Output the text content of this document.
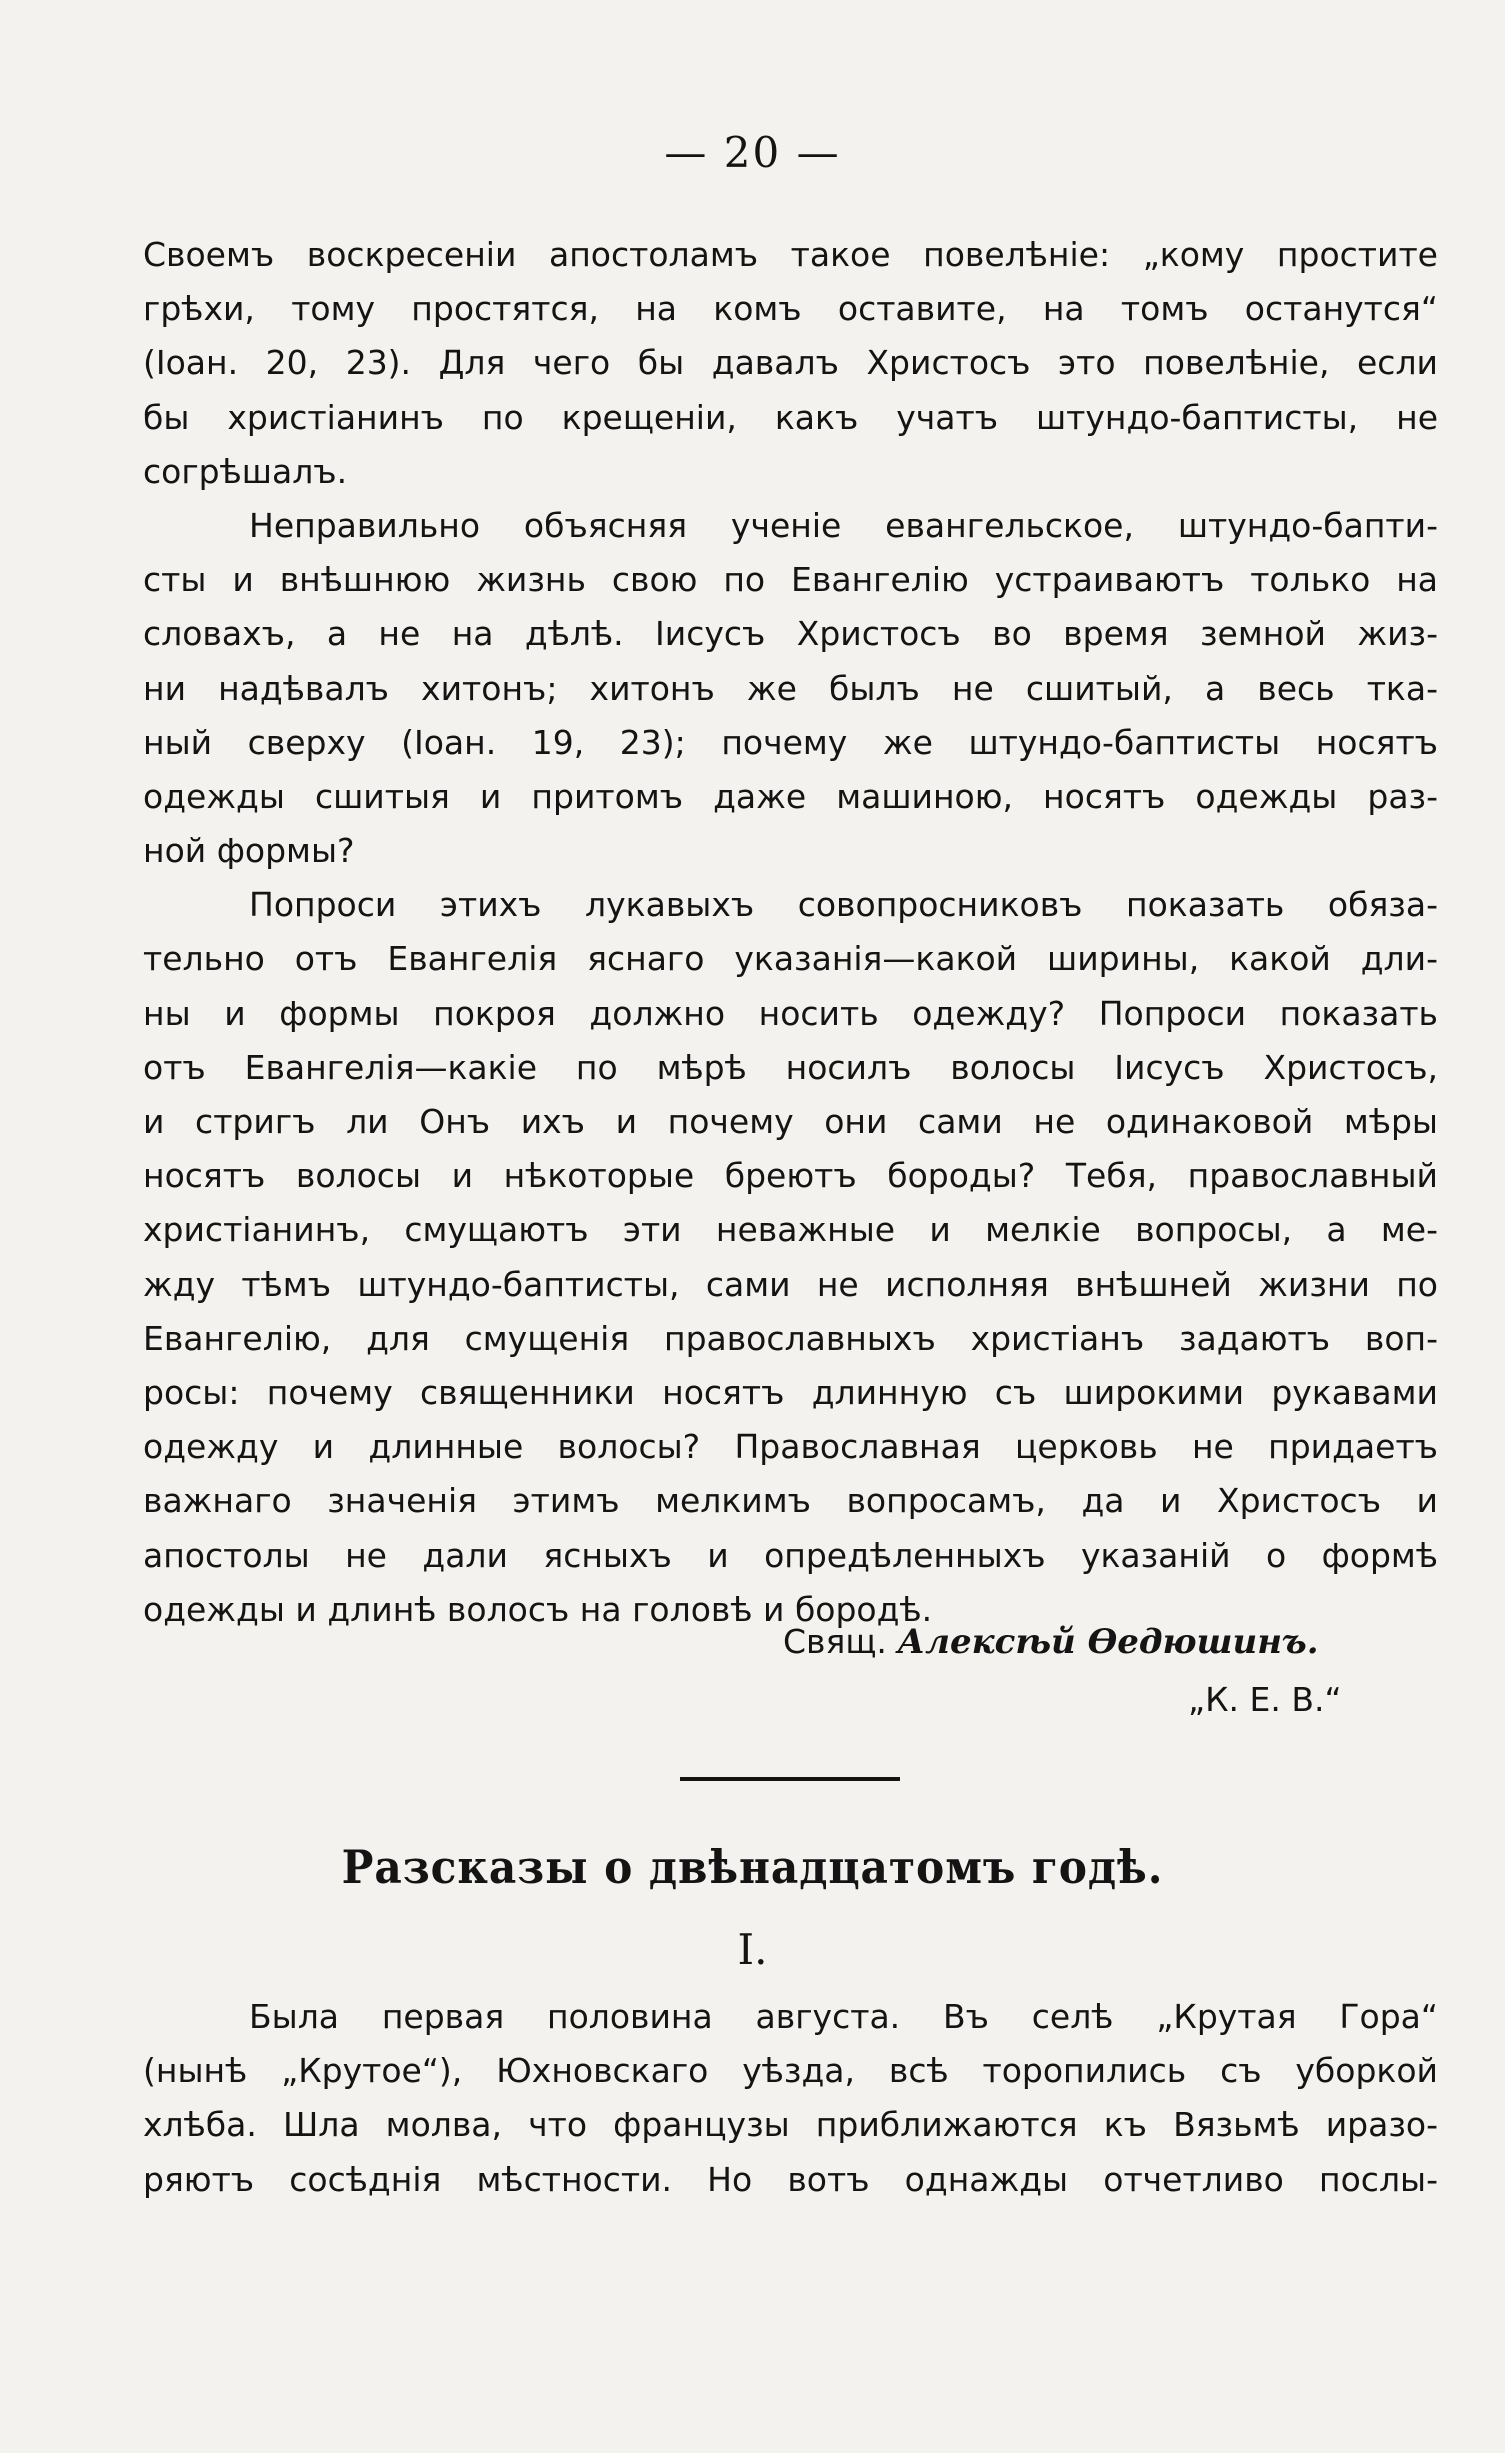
— 20 —
Своемъ воскресеніи апостоламъ такое повелѣніе: „кому простите
грѣхи, тому простятся, на комъ оставите, на томъ останутся“
(Іоан. 20, 23). Для чего бы давалъ Христосъ это повелѣніе, если
бы христіанинъ по крещеніи, какъ учатъ штундо-баптисты, не
согрѣшалъ.
Неправильно объясняя ученіе евангельское, штундо-бапти-
сты и внѣшнюю жизнь свою по Евангелію устраиваютъ только на
словахъ, а не на дѣлѣ. Іисусъ Христосъ во время земной жиз-
ни надѣвалъ хитонъ; хитонъ же былъ не сшитый, а весь тка-
ный сверху (Іоан. 19, 23); почему же штундо-баптисты носятъ
одежды сшитыя и притомъ даже машиною, носятъ одежды раз-
ной формы?
Попроси этихъ лукавыхъ совопросниковъ показать обяза-
тельно отъ Евангелія яснаго указанія—какой ширины, какой дли-
ны и формы покроя должно носить одежду? Попроси показать
отъ Евангелія—какіе по мѣрѣ носилъ волосы Іисусъ Христосъ,
и стригъ ли Онъ ихъ и почему они сами не одинаковой мѣры
носятъ волосы и нѣкоторые бреютъ бороды? Тебя, православный
христіанинъ, смущаютъ эти неважные и мелкіе вопросы, а ме-
жду тѣмъ штундо-баптисты, сами не исполняя внѣшней жизни по
Евангелію, для смущенія православныхъ христіанъ задаютъ воп-
росы: почему священники носятъ длинную съ широкими рукавами
одежду и длинные волосы? Православная церковь не придаетъ
важнаго значенія этимъ мелкимъ вопросамъ, да и Христосъ и
апостолы не дали ясныхъ и опредѣленныхъ указаній о формѣ
одежды и длинѣ волосъ на головѣ и бородѣ.
Свящ. Алексѣй Өедюшинъ.
„К. Е. В.“
Разсказы о двѣнадцатомъ годѣ.
I.
Была первая половина августа. Въ селѣ „Крутая Гора“
(нынѣ „Крутое“), Юхновскаго уѣзда, всѣ торопились съ уборкой
хлѣба. Шла молва, что французы приближаются къ Вязьмѣ иразо-
ряютъ сосѣднія мѣстности. Но вотъ однажды отчетливо послы-
